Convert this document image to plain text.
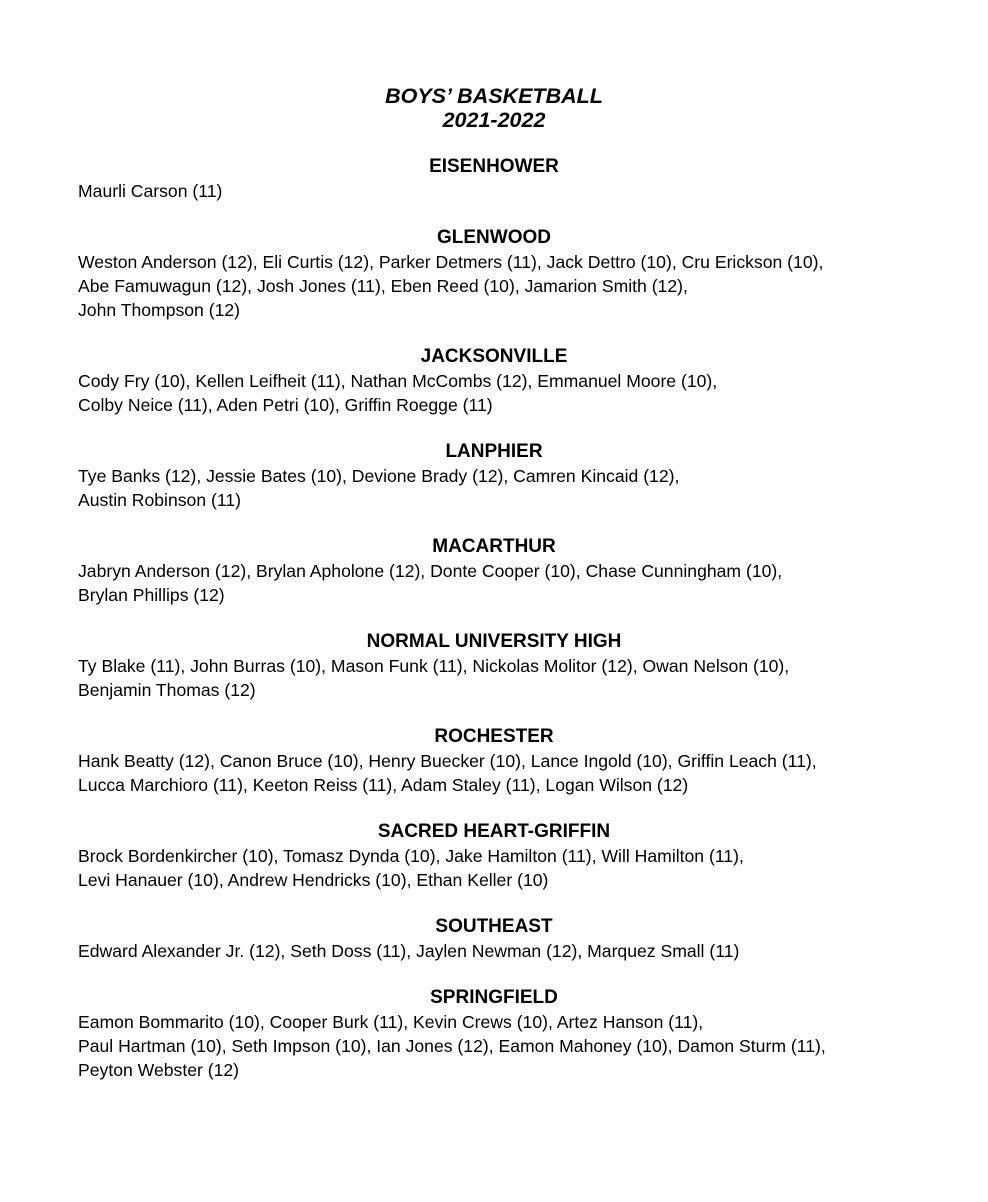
BOYS’ BASKETBALL
2021-2022
EISENHOWER

Maurli Carson (11)

GLENWOOD

Weston Anderson (12), Eli Curtis (12), Parker Detmers (11), Jack Dettro (10), Cru Erickson (10),

Abe Famuwagun (12), Josh Jones (11), Eben Reed (10), Jamarion Smith (12),

John Thompson (12)

JACKSONVILLE

Cody Fry (10), Kellen Leifheit (11), Nathan McCombs (12), Emmanuel Moore (10),

Colby Neice (11), Aden Petri (10), Griffin Roegge (11)

LANPHIER

Tye Banks (12), Jessie Bates (10), Devione Brady (12), Camren Kincaid (12),

Austin Robinson (11)

MACARTHUR

Jabryn Anderson (12), Brylan Apholone (12), Donte Cooper (10), Chase Cunningham (10),

Brylan Phillips (12)

NORMAL UNIVERSITY HIGH

Ty Blake (11), John Burras (10), Mason Funk (11), Nickolas Molitor (12), Owan Nelson (10),

Benjamin Thomas (12)

ROCHESTER

Hank Beatty (12), Canon Bruce (10), Henry Buecker (10), Lance Ingold (10), Griffin Leach (11),

Lucca Marchioro (11), Keeton Reiss (11), Adam Staley (11), Logan Wilson (12)

SACRED HEART-GRIFFIN

Brock Bordenkircher (10), Tomasz Dynda (10), Jake Hamilton (11), Will Hamilton (11),

Levi Hanauer (10), Andrew Hendricks (10), Ethan Keller (10)

SOUTHEAST

Edward Alexander Jr. (12), Seth Doss (11), Jaylen Newman (12), Marquez Small (11)

SPRINGFIELD

Eamon Bommarito (10), Cooper Burk (11), Kevin Crews (10), Artez Hanson (11),

Paul Hartman (10), Seth Impson (10), Ian Jones (12), Eamon Mahoney (10), Damon Sturm (11),

Peyton Webster (12)
